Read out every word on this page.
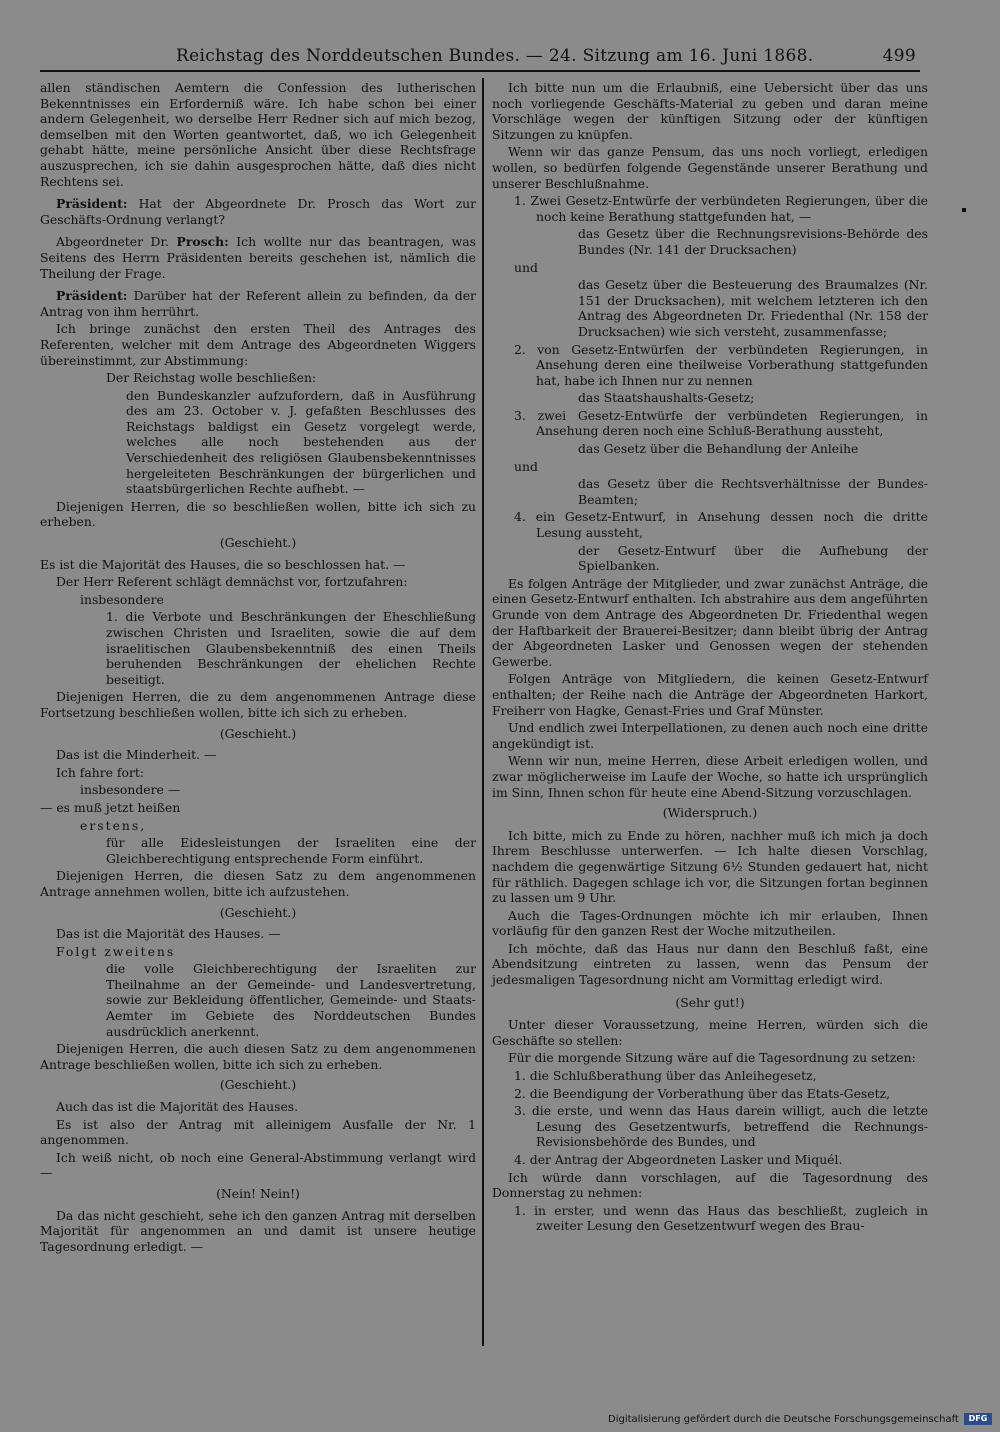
Reichstag des Norddeutschen Bundes. — 24. Sitzung am 16. Juni 1868.	499

allen ständischen Aemtern die Confession des lutherischen Bekenntnisses ein Erforderniß wäre. Ich habe schon bei einer andern Gelegenheit, wo derselbe Herr Redner sich auf mich bezog, demselben mit den Worten geantwortet, daß, wo ich Gelegenheit gehabt hätte, meine persönliche Ansicht über diese Rechtsfrage auszusprechen, ich sie dahin ausgesprochen hätte, daß dies nicht Rechtens sei.

Präsident: Hat der Abgeordnete Dr. Prosch das Wort zur Geschäfts-Ordnung verlangt?

Abgeordneter Dr. Prosch: Ich wollte nur das beantragen, was Seitens des Herrn Präsidenten bereits geschehen ist, nämlich die Theilung der Frage.

Präsident: Darüber hat der Referent allein zu befinden, da der Antrag von ihm herrührt.

Ich bringe zunächst den ersten Theil des Antrages des Referenten, welcher mit dem Antrage des Abgeordneten Wiggers übereinstimmt, zur Abstimmung:

Der Reichstag wolle beschließen:

den Bundeskanzler aufzufordern, daß in Ausführung des am 23. October v. J. gefaßten Beschlusses des Reichstags baldigst ein Gesetz vorgelegt werde, welches alle noch bestehenden aus der Verschiedenheit des religiösen Glaubensbekenntnisses hergeleiteten Beschränkungen der bürgerlichen und staatsbürgerlichen Rechte aufhebt. —

Diejenigen Herren, die so beschließen wollen, bitte ich sich zu erheben.

(Geschieht.)

Es ist die Majorität des Hauses, die so beschlossen hat. —

Der Herr Referent schlägt demnächst vor, fortzufahren:

insbesondere

1. die Verbote und Beschränkungen der Eheschließung zwischen Christen und Israeliten, sowie die auf dem israelitischen Glaubensbekenntniß des einen Theils beruhenden Beschränkungen der ehelichen Rechte beseitigt.

Diejenigen Herren, die zu dem angenommenen Antrage diese Fortsetzung beschließen wollen, bitte ich sich zu erheben.

(Geschieht.)

Das ist die Minderheit. —

Ich fahre fort:

insbesondere —

— es muß jetzt heißen

erstens,

für alle Eidesleistungen der Israeliten eine der Gleichberechtigung entsprechende Form einführt.

Diejenigen Herren, die diesen Satz zu dem angenommenen Antrage annehmen wollen, bitte ich aufzustehen.

(Geschieht.)

Das ist die Majorität des Hauses. —

Folgt zweitens

die volle Gleichberechtigung der Israeliten zur Theilnahme an der Gemeinde- und Landesvertretung, sowie zur Bekleidung öffentlicher, Gemeinde- und Staats-Aemter im Gebiete des Norddeutschen Bundes ausdrücklich anerkennt.

Diejenigen Herren, die auch diesen Satz zu dem angenommenen Antrage beschließen wollen, bitte ich sich zu erheben.

(Geschieht.)

Auch das ist die Majorität des Hauses.

Es ist also der Antrag mit alleinigem Ausfalle der Nr. 1 angenommen.

Ich weiß nicht, ob noch eine General-Abstimmung verlangt wird —

(Nein! Nein!)

Da das nicht geschieht, sehe ich den ganzen Antrag mit derselben Majorität für angenommen an und damit ist unsere heutige Tagesordnung erledigt. —

Ich bitte nun um die Erlaubniß, eine Uebersicht über das uns noch vorliegende Geschäfts-Material zu geben und daran meine Vorschläge wegen der künftigen Sitzung oder der künftigen Sitzungen zu knüpfen.

Wenn wir das ganze Pensum, das uns noch vorliegt, erledigen wollen, so bedürfen folgende Gegenstände unserer Berathung und unserer Beschlußnahme.

1. Zwei Gesetz-Entwürfe der verbündeten Regierungen, über die noch keine Berathung stattgefunden hat, —

das Gesetz über die Rechnungsrevisions-Behörde des Bundes (Nr. 141 der Drucksachen)

und

das Gesetz über die Besteuerung des Braumalzes (Nr. 151 der Drucksachen), mit welchem letzteren ich den Antrag des Abgeordneten Dr. Friedenthal (Nr. 158 der Drucksachen) wie sich versteht, zusammenfasse;

2. von Gesetz-Entwürfen der verbündeten Regierungen, in Ansehung deren eine theilweise Vorberathung stattgefunden hat, habe ich Ihnen nur zu nennen

das Staatshaushalts-Gesetz;

3. zwei Gesetz-Entwürfe der verbündeten Regierungen, in Ansehung deren noch eine Schluß-Berathung aussteht,

das Gesetz über die Behandlung der Anleihe

und

das Gesetz über die Rechtsverhältnisse der Bundes-Beamten;

4. ein Gesetz-Entwurf, in Ansehung dessen noch die dritte Lesung aussteht,

der Gesetz-Entwurf über die Aufhebung der Spielbanken.

Es folgen Anträge der Mitglieder, und zwar zunächst Anträge, die einen Gesetz-Entwurf enthalten. Ich abstrahire aus dem angeführten Grunde von dem Antrage des Abgeordneten Dr. Friedenthal wegen der Haftbarkeit der Brauerei-Besitzer; dann bleibt übrig der Antrag der Abgeordneten Lasker und Genossen wegen der stehenden Gewerbe.

Folgen Anträge von Mitgliedern, die keinen Gesetz-Entwurf enthalten; der Reihe nach die Anträge der Abgeordneten Harkort, Freiherr von Hagke, Genast-Fries und Graf Münster.

Und endlich zwei Interpellationen, zu denen auch noch eine dritte angekündigt ist.

Wenn wir nun, meine Herren, diese Arbeit erledigen wollen, und zwar möglicherweise im Laufe der Woche, so hatte ich ursprünglich im Sinn, Ihnen schon für heute eine Abend-Sitzung vorzuschlagen.

(Widerspruch.)

Ich bitte, mich zu Ende zu hören, nachher muß ich mich ja doch Ihrem Beschlusse unterwerfen. — Ich halte diesen Vorschlag, nachdem die gegenwärtige Sitzung 6½ Stunden gedauert hat, nicht für räthlich. Dagegen schlage ich vor, die Sitzungen fortan beginnen zu lassen um 9 Uhr.

Auch die Tages-Ordnungen möchte ich mir erlauben, Ihnen vorläufig für den ganzen Rest der Woche mitzutheilen.

Ich möchte, daß das Haus nur dann den Beschluß faßt, eine Abendsitzung eintreten zu lassen, wenn das Pensum der jedesmaligen Tagesordnung nicht am Vormittag erledigt wird.

(Sehr gut!)

Unter dieser Voraussetzung, meine Herren, würden sich die Geschäfte so stellen:

Für die morgende Sitzung wäre auf die Tagesordnung zu setzen:

1. die Schlußberathung über das Anleihegesetz,

2. die Beendigung der Vorberathung über das Etats-Gesetz,

3. die erste, und wenn das Haus darein willigt, auch die letzte Lesung des Gesetzentwurfs, betreffend die Rechnungs-Revisionsbehörde des Bundes, und

4. der Antrag der Abgeordneten Lasker und Miquél.

Ich würde dann vorschlagen, auf die Tagesordnung des Donnerstag zu nehmen:

1. in erster, und wenn das Haus das beschließt, zugleich in zweiter Lesung den Gesetzentwurf wegen des Brau-

Digitalisierung gefördert durch die Deutsche Forschungsgemeinschaft	DFG
